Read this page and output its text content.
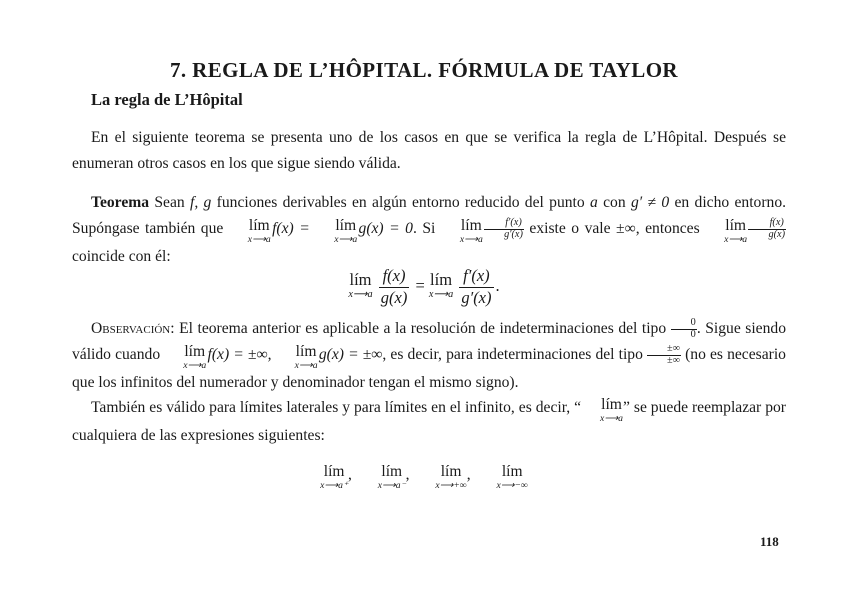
7. REGLA DE L’HÔPITAL. FÓRMULA DE TAYLOR
La regla de L’Hôpital
En el siguiente teorema se presenta uno de los casos en que se verifica la regla de L’Hôpital. Después se enumeran otros casos en los que sigue siendo válida.
Teorema Sean f, g funciones derivables en algún entorno reducido del punto a con g′ ≠ 0 en dicho entorno. Supóngase también que	lím
x⟶a
 f(x) =	lím
x⟶a
 g(x) = 0. Si	lím
x⟶a
  $\frac{f'(x)}{g'(x)}$ existe o vale ±∞, entonces	lím
x⟶a
  $\frac{f(x)}{g(x)}$
coincide con él:
lím
x⟶a
$\frac{f(x)}{g(x)}$ = lím
x⟶a
$\frac{f'(x)}{g'(x)}$ .
Observación: El teorema anterior es aplicable a la resolución de indeterminaciones del tipo $\frac{0}{0}$ . Sigue siendo válido cuando	lím
x⟶a
 f(x) = ±∞,	lím
x⟶a
 g(x) = ±∞, es decir, para indeterminaciones del tipo	±∞
±∞ (no es necesario que los infinitos del numerador y denominador tengan el mismo signo).
También es válido para límites laterales y para límites en el infinito, es decir, “	lím
x⟶a
” se puede reemplazar por cualquiera de las expresiones siguientes:
lím
x⟶a⁺
, lím
x⟶a⁻
,	lím
x⟶+∞
,	lím
x⟶−∞
118
